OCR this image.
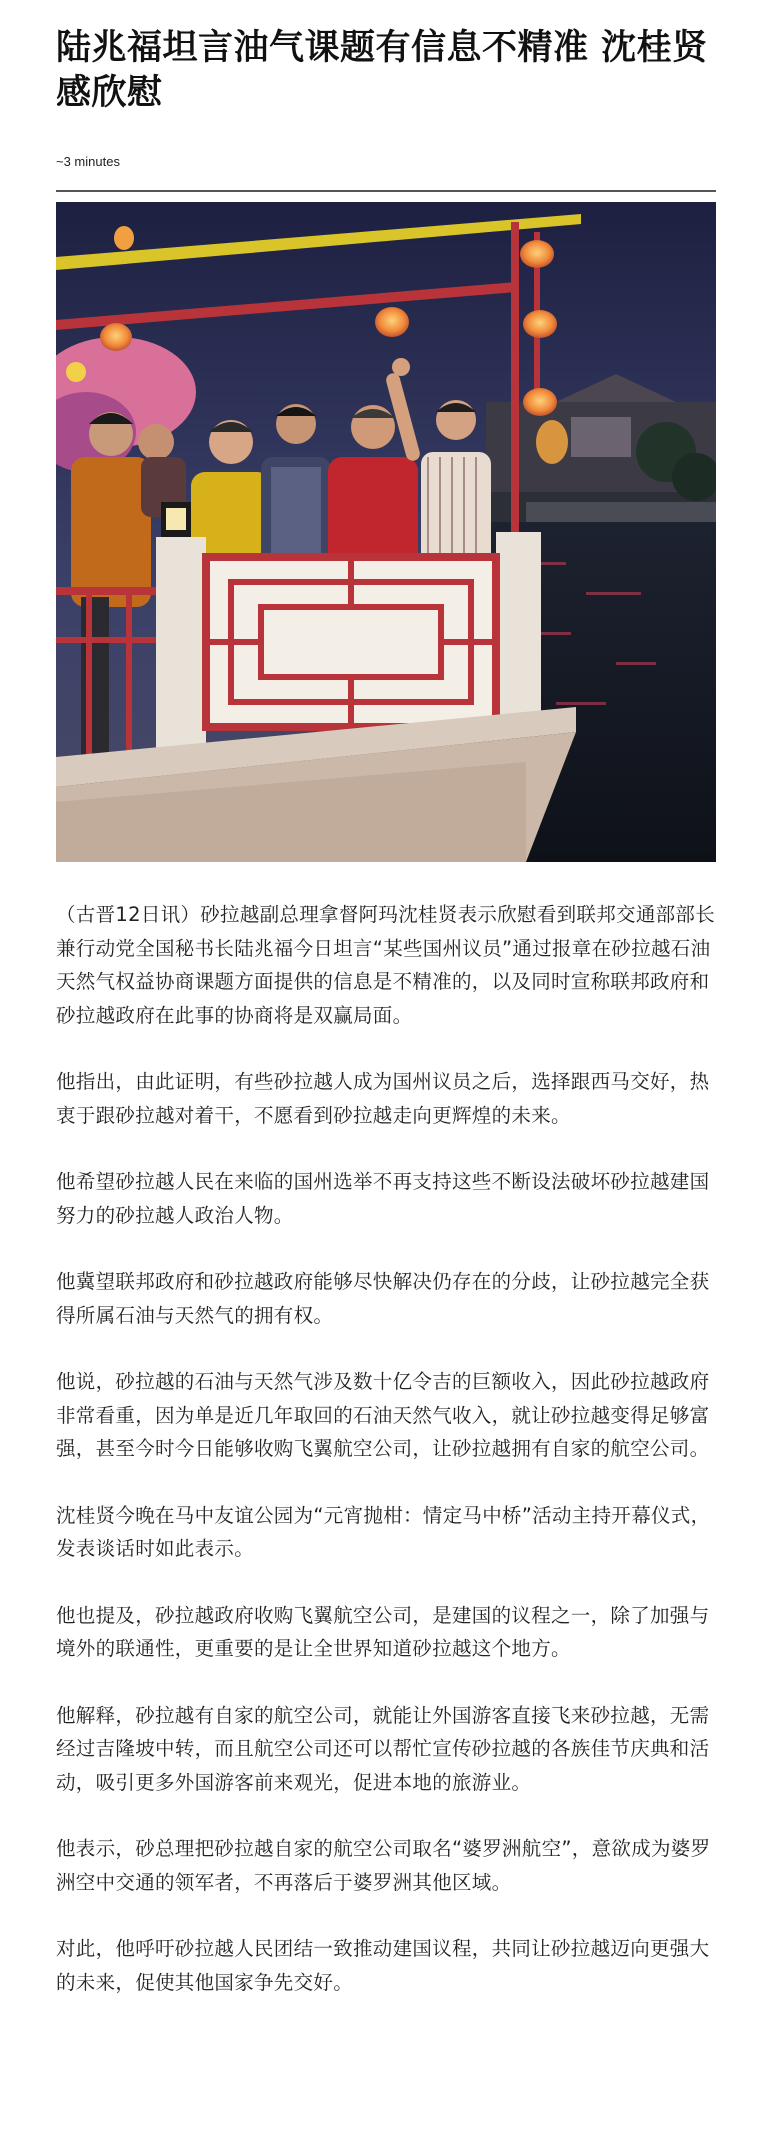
陆兆福坦言油气课题有信息不精准 沈桂贤感欣慰
~3 minutes

（古晋12日讯）砂拉越副总理拿督阿玛沈桂贤表示欣慰看到联邦交通部部长兼行动党全国秘书长陆兆福今日坦言“某些国州议员”通过报章在砂拉越石油天然气权益协商课题方面提供的信息是不精准的，以及同时宣称联邦政府和砂拉越政府在此事的协商将是双赢局面。

他指出，由此证明，有些砂拉越人成为国州议员之后，选择跟西马交好，热衷于跟砂拉越对着干，不愿看到砂拉越走向更辉煌的未来。

他希望砂拉越人民在来临的国州选举不再支持这些不断设法破坏砂拉越建国努力的砂拉越人政治人物。

他冀望联邦政府和砂拉越政府能够尽快解决仍存在的分歧，让砂拉越完全获得所属石油与天然气的拥有权。

他说，砂拉越的石油与天然气涉及数十亿令吉的巨额收入，因此砂拉越政府非常看重，因为单是近几年取回的石油天然气收入，就让砂拉越变得足够富强，甚至今时今日能够收购飞翼航空公司，让砂拉越拥有自家的航空公司。

沈桂贤今晚在马中友谊公园为“元宵抛柑：情定马中桥”活动主持开幕仪式，发表谈话时如此表示。

他也提及，砂拉越政府收购飞翼航空公司，是建国的议程之一，除了加强与境外的联通性，更重要的是让全世界知道砂拉越这个地方。

他解释，砂拉越有自家的航空公司，就能让外国游客直接飞来砂拉越，无需经过吉隆坡中转，而且航空公司还可以帮忙宣传砂拉越的各族佳节庆典和活动，吸引更多外国游客前来观光，促进本地的旅游业。

他表示，砂总理把砂拉越自家的航空公司取名“婆罗洲航空”，意欲成为婆罗洲空中交通的领军者，不再落后于婆罗洲其他区域。

对此，他呼吁砂拉越人民团结一致推动建国议程，共同让砂拉越迈向更强大的未来，促使其他国家争先交好。
